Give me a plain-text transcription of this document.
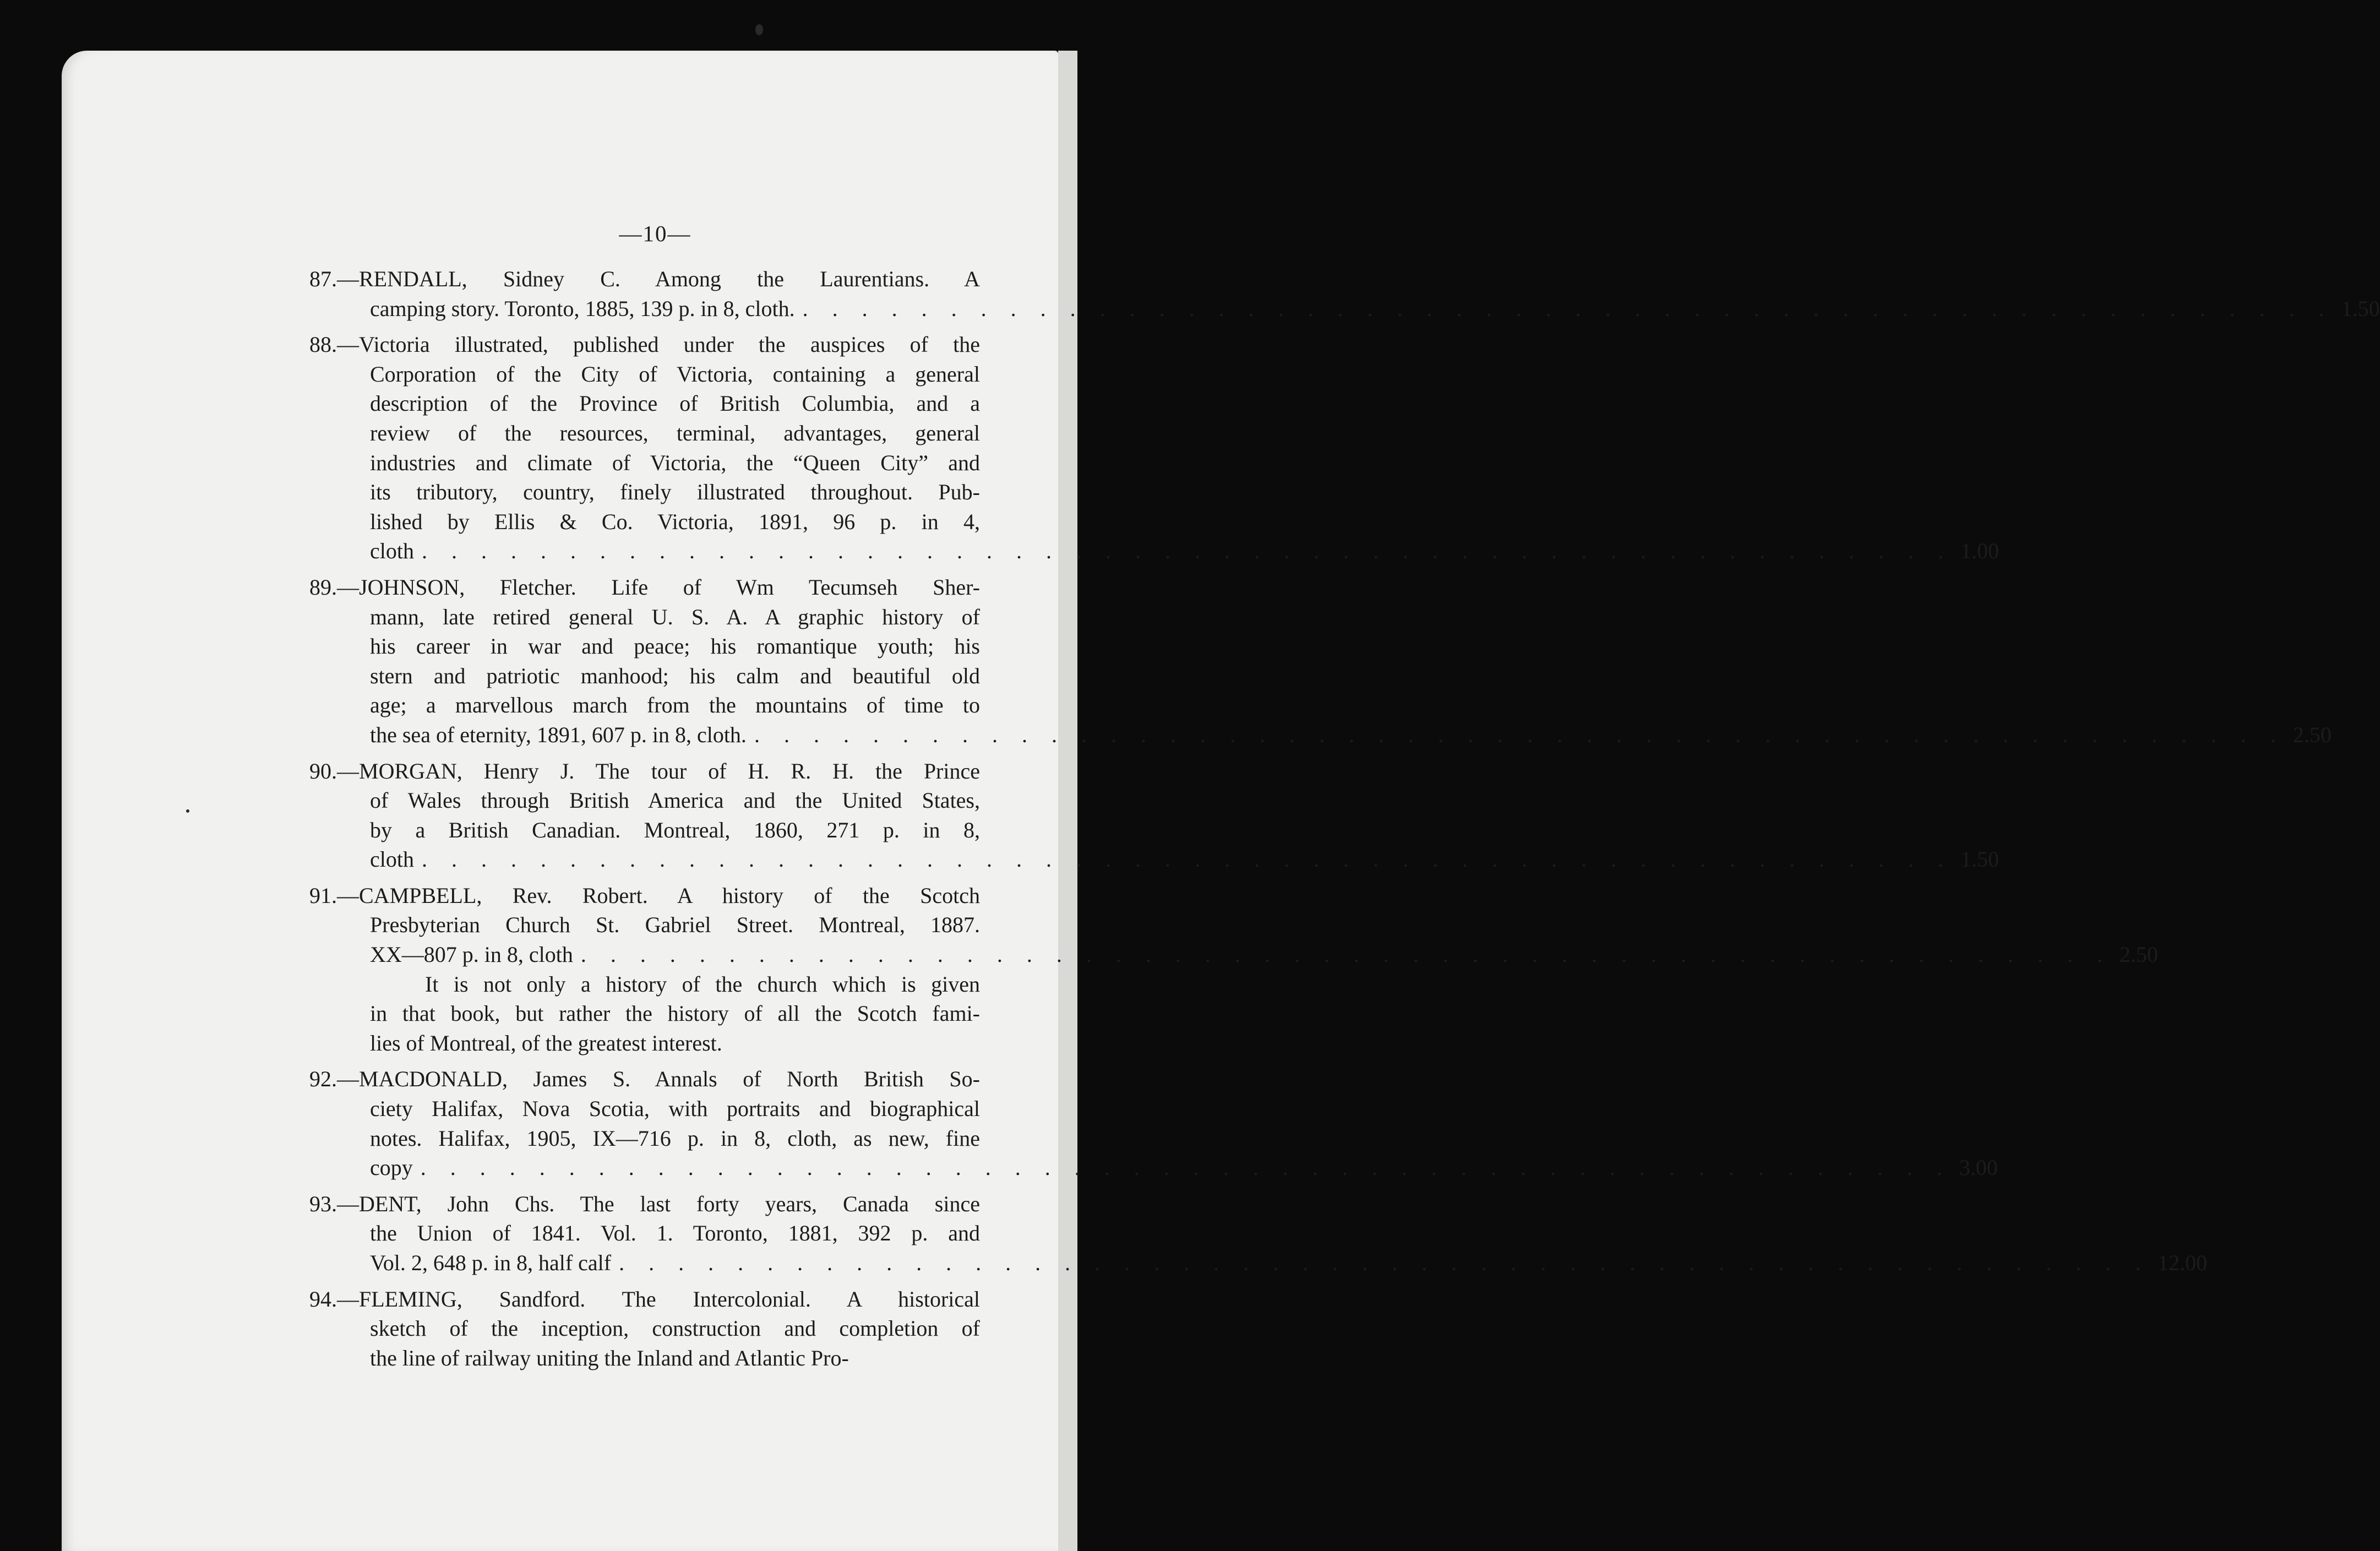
—10—
87.—RENDALL, Sidney C. Among the Laurentians. A
camping story. Toronto, 1885, 139 p. in 8, cloth. . . . . . . . . . . . . . . . . . . . . . . . . . . . . . . . . . . . . . . . . . . . . . . . . . . . . 1.50
88.—Victoria illustrated, published under the auspices of the
Corporation of the City of Victoria, containing a general
description of the Province of British Columbia, and a
review of the resources, terminal, advantages, general
industries and climate of Victoria, the “Queen City” and
its tributory, country, finely illustrated throughout. Pub-
lished by Ellis & Co. Victoria, 1891, 96 p. in 4,
cloth . . . . . . . . . . . . . . . . . . . . . . . . . . . . . . . . . . . . . . . . . . . . . . . . . . . . 1.00
89.—JOHNSON, Fletcher. Life of Wm Tecumseh Sher-
mann, late retired general U. S. A. A graphic history of
his career in war and peace; his romantique youth; his
stern and patriotic manhood; his calm and beautiful old
age; a marvellous march from the mountains of time to
the sea of eternity, 1891, 607 p. in 8, cloth. . . . . . . . . . . . . . . . . . . . . . . . . . . . . . . . . . . . . . . . . . . . . . . . . . . . . 2.50
90.—MORGAN, Henry J. The tour of H. R. H. the Prince
of Wales through British America and the United States,
by a British Canadian. Montreal, 1860, 271 p. in 8,
cloth . . . . . . . . . . . . . . . . . . . . . . . . . . . . . . . . . . . . . . . . . . . . . . . . . . . . 1.50
91.—CAMPBELL, Rev. Robert. A history of the Scotch
Presbyterian Church St. Gabriel Street. Montreal, 1887.
XX—807 p. in 8, cloth . . . . . . . . . . . . . . . . . . . . . . . . . . . . . . . . . . . . . . . . . . . . . . . . . . . . 2.50
It is not only a history of the church which is given
in that book, but rather the history of all the Scotch fami-
lies of Montreal, of the greatest interest.
92.—MACDONALD, James S. Annals of North British So-
ciety Halifax, Nova Scotia, with portraits and biographical
notes. Halifax, 1905, IX—716 p. in 8, cloth, as new, fine
copy . . . . . . . . . . . . . . . . . . . . . . . . . . . . . . . . . . . . . . . . . . . . . . . . . . . . 3.00
93.—DENT, John Chs. The last forty years, Canada since
the Union of 1841. Vol. 1. Toronto, 1881, 392 p. and
Vol. 2, 648 p. in 8, half calf . . . . . . . . . . . . . . . . . . . . . . . . . . . . . . . . . . . . . . . . . . . . . . . . . . . . 12.00
94.—FLEMING, Sandford. The Intercolonial. A historical
sketch of the inception, construction and completion of
the line of railway uniting the Inland and Atlantic Pro-
